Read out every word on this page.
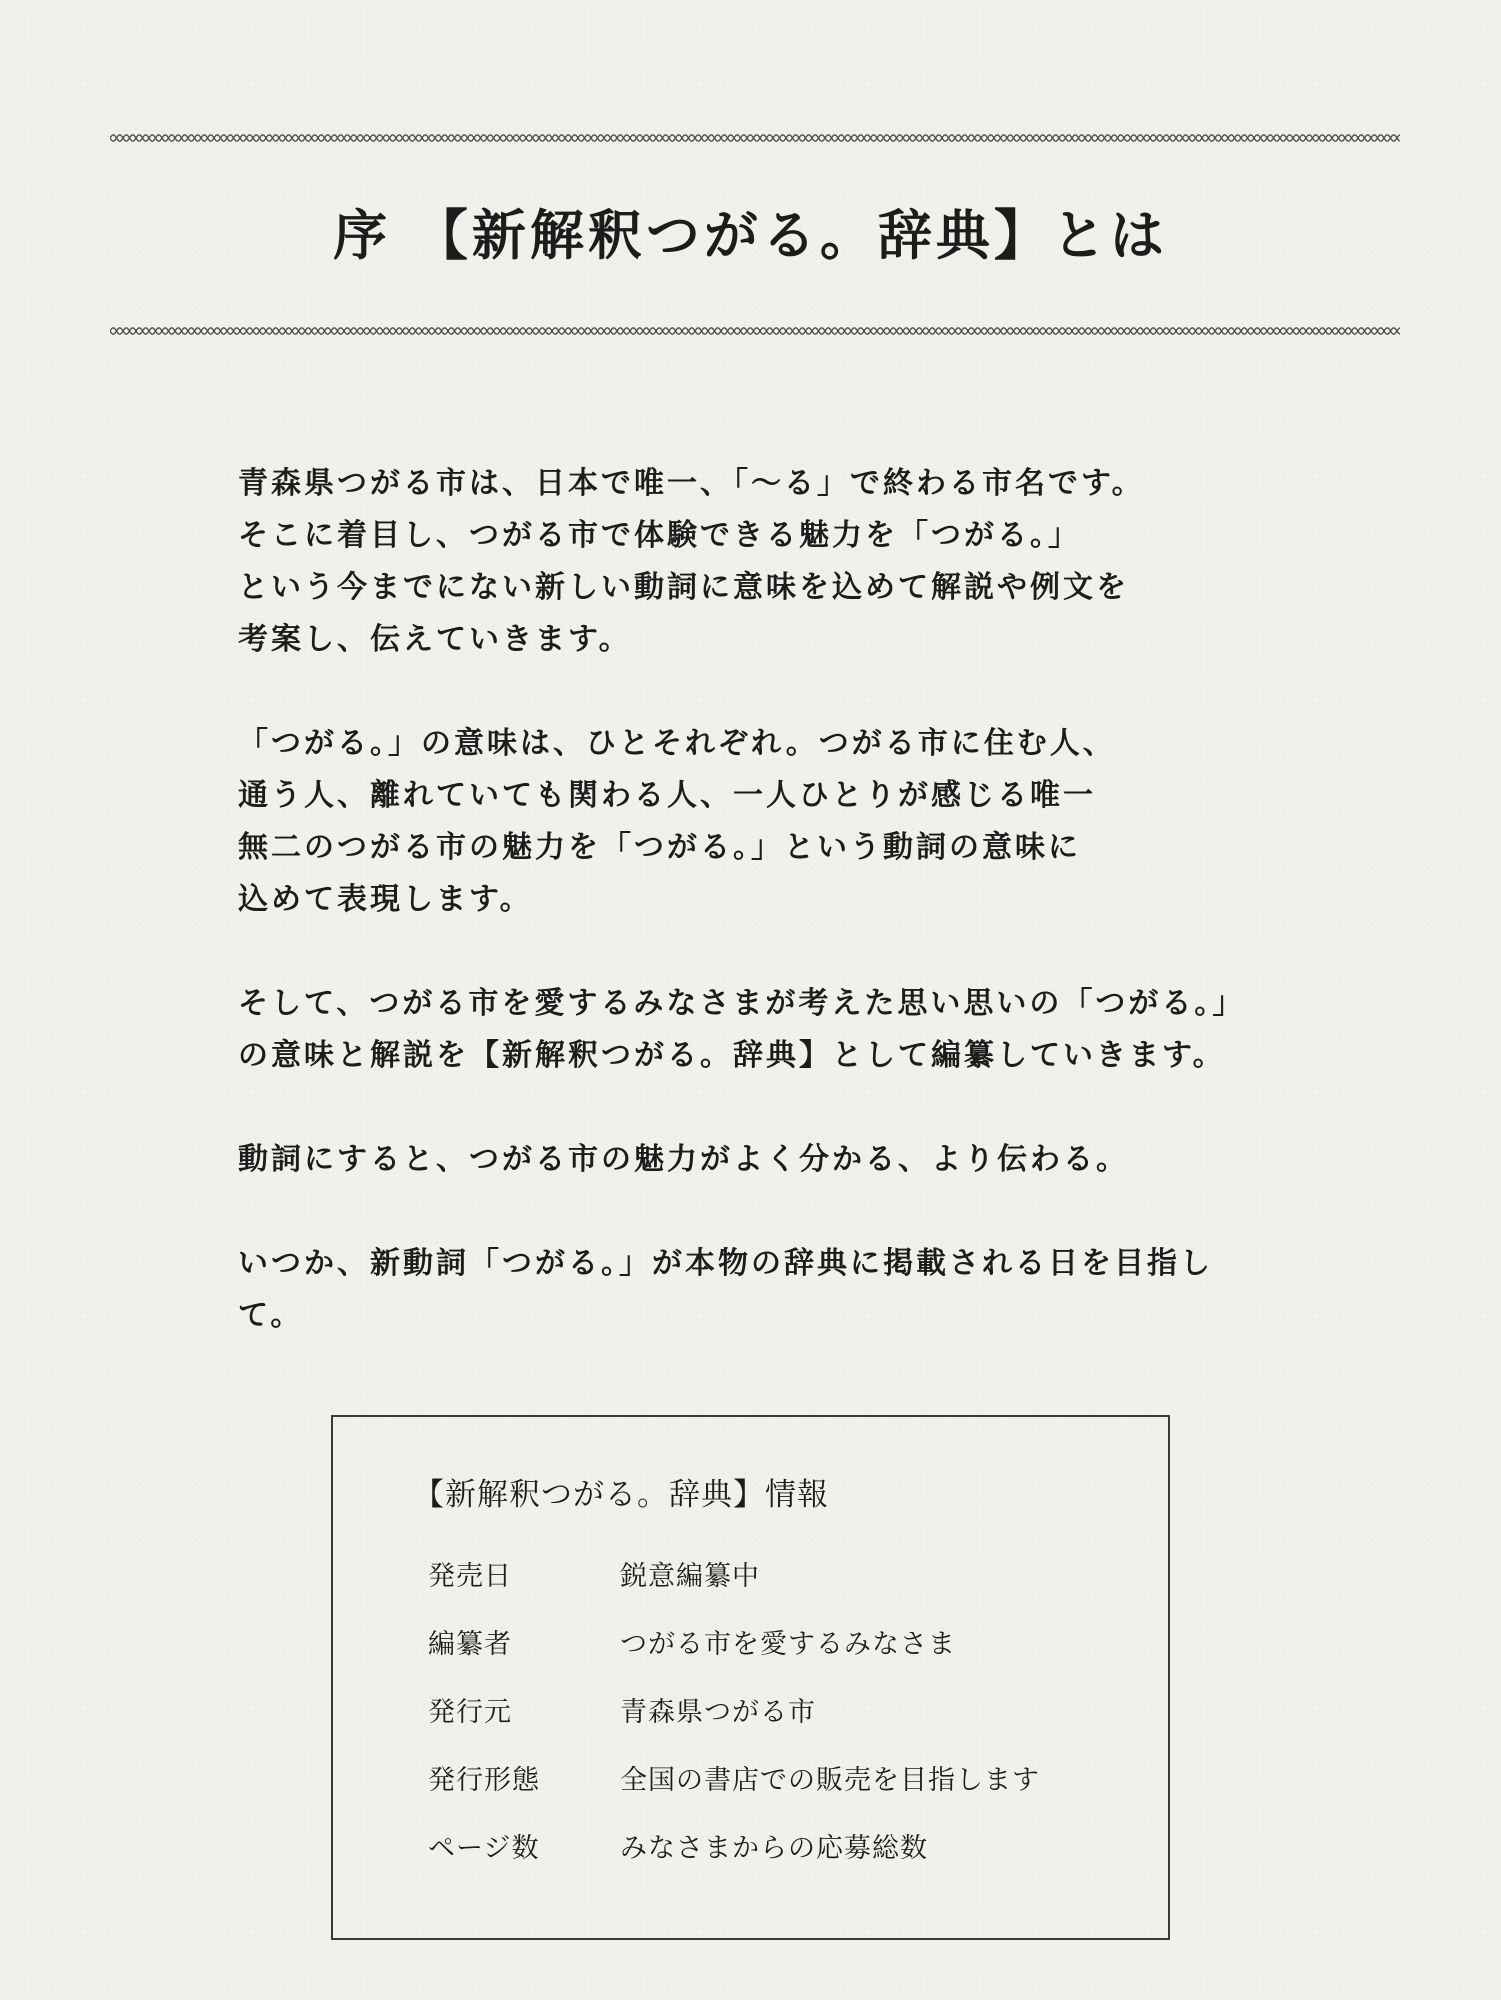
序 【新解釈つがる。辞典】とは

青森県つがる市は、日本で唯一、「〜る」で終わる市名です。
そこに着目し、つがる市で体験できる魅力を「つがる。」
という今までにない新しい動詞に意味を込めて解説や例文を
考案し、伝えていきます。

「つがる。」の意味は、ひとそれぞれ。つがる市に住む人、
通う人、離れていても関わる人、一人ひとりが感じる唯一
無二のつがる市の魅力を「つがる。」という動詞の意味に
込めて表現します。

そして、つがる市を愛するみなさまが考えた思い思いの「つがる。」
の意味と解説を【新解釈つがる。辞典】として編纂していきます。

動詞にすると、つがる市の魅力がよく分かる、より伝わる。

いつか、新動詞「つがる。」が本物の辞典に掲載される日を目指して。

【新解釈つがる。辞典】情報
発売日	鋭意編纂中
編纂者	つがる市を愛するみなさま
発行元	青森県つがる市
発行形態	全国の書店での販売を目指します
ページ数	みなさまからの応募総数
